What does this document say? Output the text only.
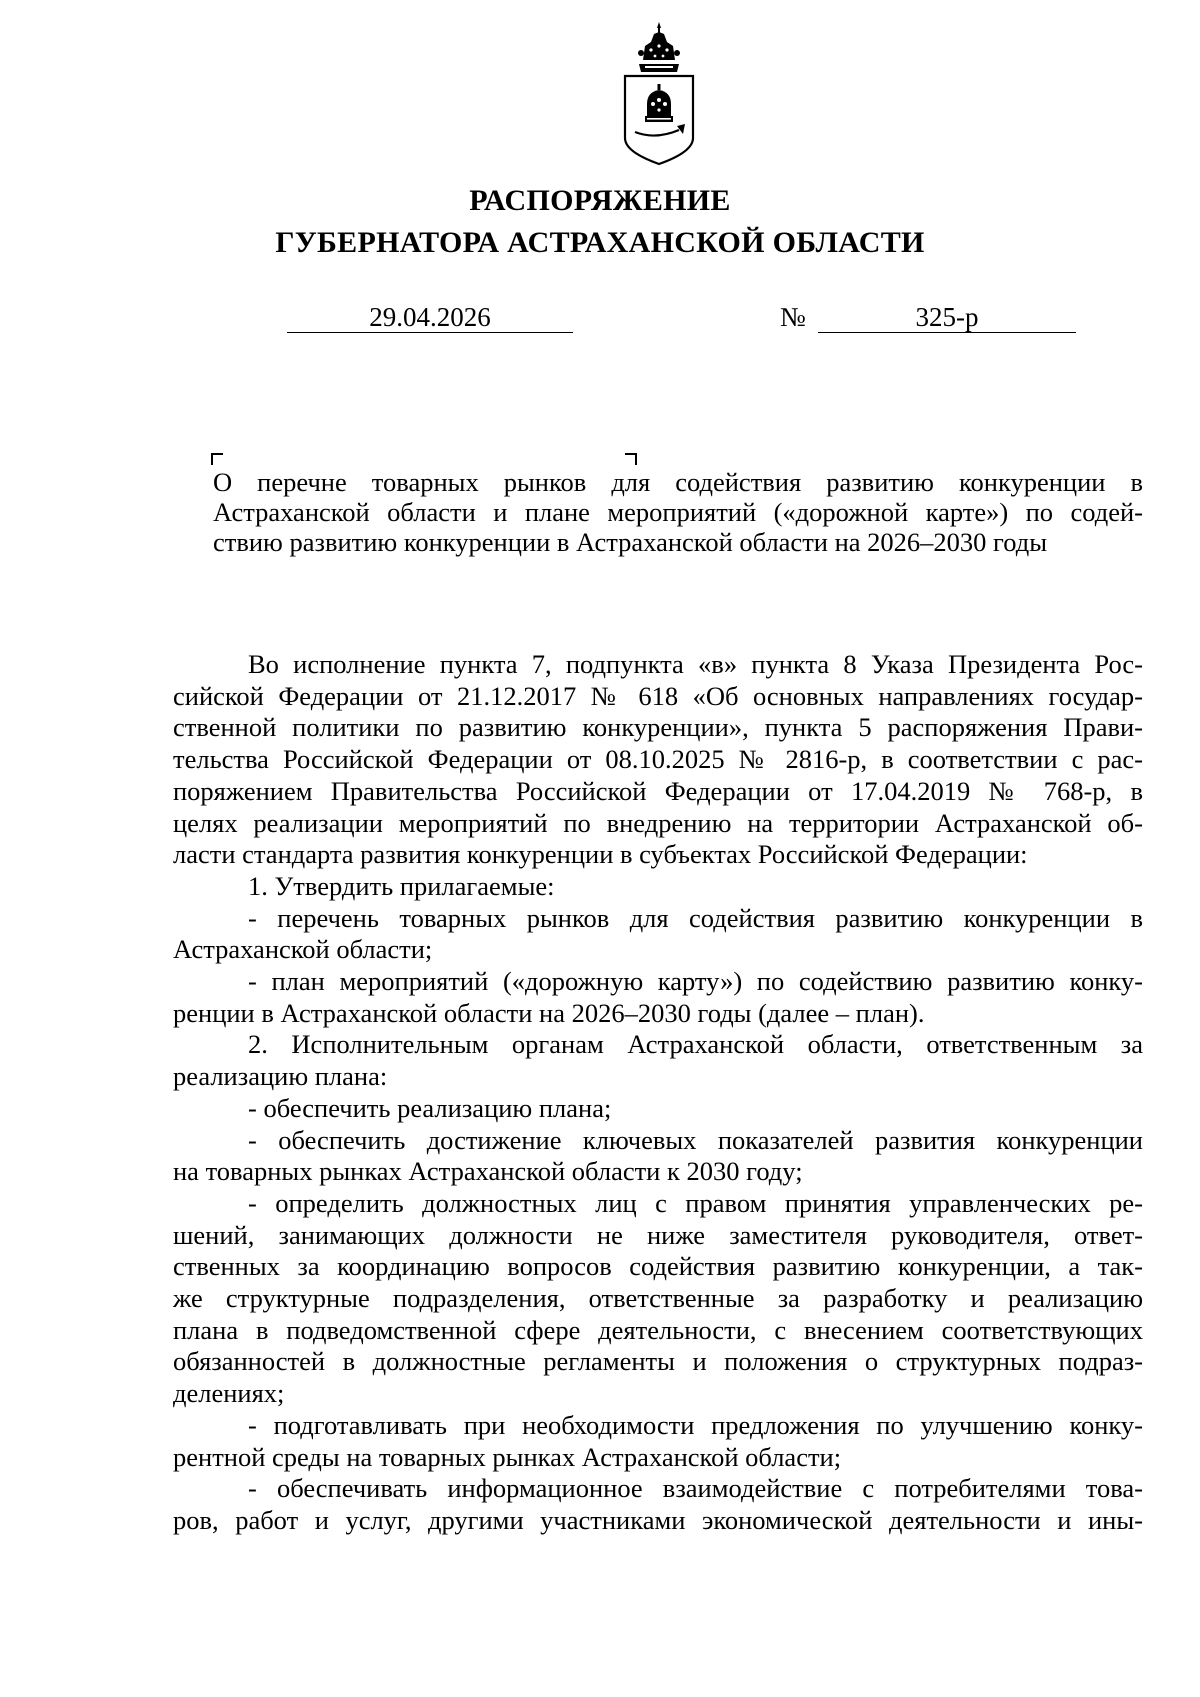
РАСПОРЯЖЕНИЕ
ГУБЕРНАТОРА АСТРАХАНСКОЙ ОБЛАСТИ
29.04.2026	№	325-р
О перечне товарных рынков для содействия развитию конкуренции в
Астраханской области и плане мероприятий («дорожной карте») по содей-
ствию развитию конкуренции в Астраханской области на 2026–2030 годы
Во исполнение пункта 7, подпункта «в» пункта 8 Указа Президента Рос-
сийской Федерации от 21.12.2017 № 618 «Об основных направлениях государ-
ственной политики по развитию конкуренции», пункта 5 распоряжения Прави-
тельства Российской Федерации от 08.10.2025 № 2816-р, в соответствии с рас-
поряжением Правительства Российской Федерации от 17.04.2019 № 768-р, в
целях реализации мероприятий по внедрению на территории Астраханской об-
ласти стандарта развития конкуренции в субъектах Российской Федерации:
1. Утвердить прилагаемые:
- перечень товарных рынков для содействия развитию конкуренции в
Астраханской области;
- план мероприятий («дорожную карту») по содействию развитию конку-
ренции в Астраханской области на 2026–2030 годы (далее – план).
2. Исполнительным органам Астраханской области, ответственным за
реализацию плана:
- обеспечить реализацию плана;
- обеспечить достижение ключевых показателей развития конкуренции
на товарных рынках Астраханской области к 2030 году;
- определить должностных лиц с правом принятия управленческих ре-
шений, занимающих должности не ниже заместителя руководителя, ответ-
ственных за координацию вопросов содействия развитию конкуренции, а так-
же структурные подразделения, ответственные за разработку и реализацию
плана в подведомственной сфере деятельности, с внесением соответствующих
обязанностей в должностные регламенты и положения о структурных подраз-
делениях;
- подготавливать при необходимости предложения по улучшению конку-
рентной среды на товарных рынках Астраханской области;
- обеспечивать информационное взаимодействие с потребителями това-
ров, работ и услуг, другими участниками экономической деятельности и ины-
